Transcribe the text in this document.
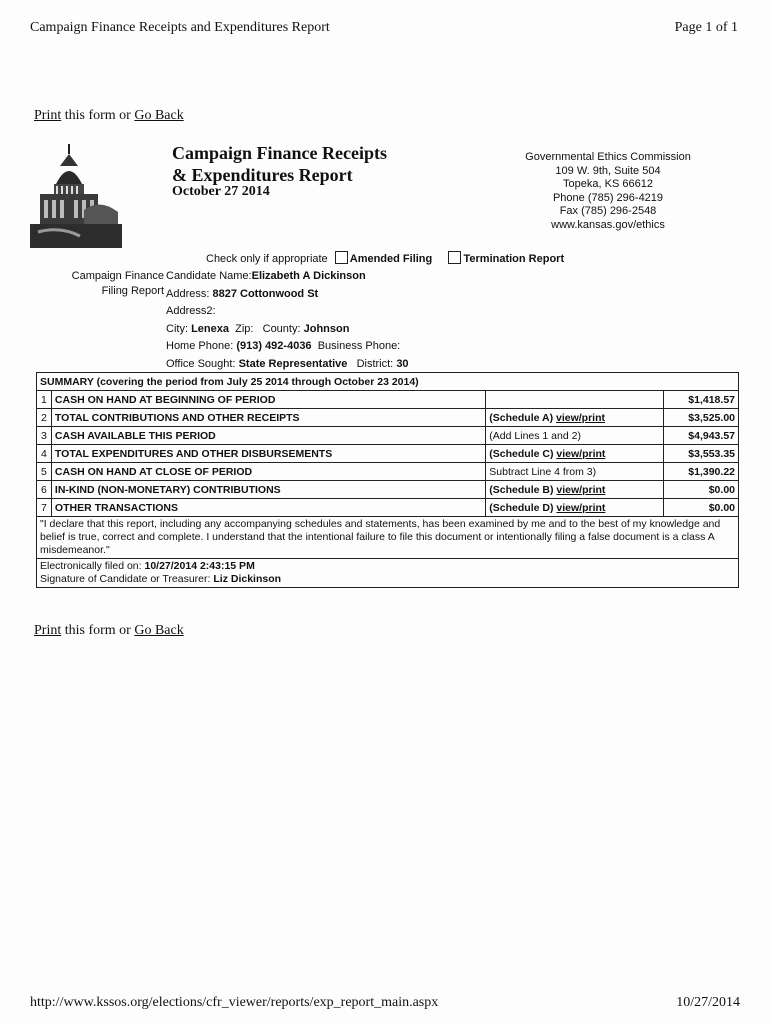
Campaign Finance Receipts and Expenditures Report	Page 1 of 1
Print this form or Go Back
Campaign Finance Receipts
& Expenditures Report
October 27 2014
Governmental Ethics Commission
109 W. 9th, Suite 504
Topeka, KS 66612
Phone (785) 296-4219
Fax (785) 296-2548
www.kansas.gov/ethics
Check only if appropriate Amended Filing	Termination Report
Campaign Finance
Filing Report
Candidate Name:Elizabeth A Dickinson
Address: 8827 Cottonwood St
Address2:
City: Lenexa Zip: County: Johnson
Home Phone: (913) 492-4036 Business Phone:
Office Sought: State Representative District: 30
SUMMARY (covering the period from July 25 2014 through October 23 2014)			
1	CASH ON HAND AT BEGINNING OF PERIOD		$1,418.57
2	TOTAL CONTRIBUTIONS AND OTHER RECEIPTS	(Schedule A) view/print	$3,525.00
3	CASH AVAILABLE THIS PERIOD	(Add Lines 1 and 2)	$4,943.57
4	TOTAL EXPENDITURES AND OTHER DISBURSEMENTS	(Schedule C) view/print	$3,553.35
5	CASH ON HAND AT CLOSE OF PERIOD	Subtract Line 4 from 3)	$1,390.22
6	IN-KIND (NON-MONETARY) CONTRIBUTIONS	(Schedule B) view/print	$0.00
7	OTHER TRANSACTIONS	(Schedule D) view/print	$0.00
"I declare that this report, including any accompanying schedules and statements, has been examined by me and to the best of my knowledge and belief is true, correct and complete. I understand that the intentional failure to file this document or intentionally filing a false document is a class A misdemeanor."			

Electronically filed on: 10/27/2014 2:43:15 PM
Signature of Candidate or Treasurer: Liz Dickinson			
Print this form or Go Back
http://www.kssos.org/elections/cfr_viewer/reports/exp_report_main.aspx	10/27/2014
